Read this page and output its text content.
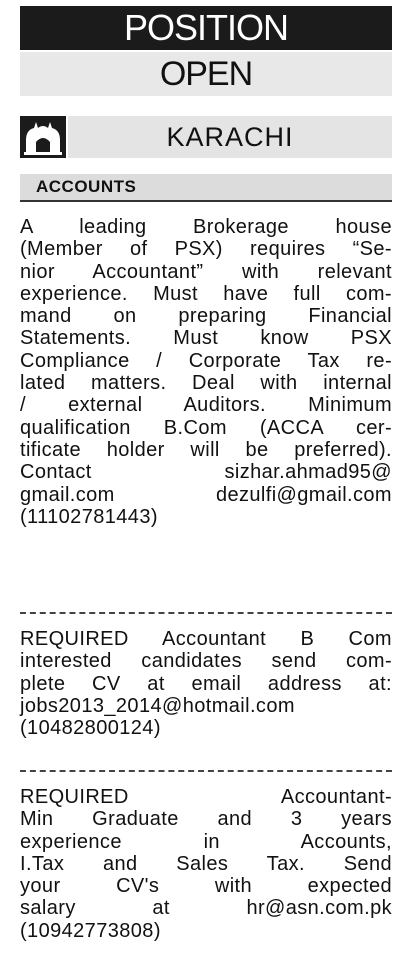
POSITION
OPEN
KARACHI
ACCOUNTS
A leading Brokerage house
(Member of PSX) requires “Se-
nior Accountant” with relevant
experience. Must have full com-
mand on preparing Financial
Statements. Must know PSX
Compliance / Corporate Tax re-
lated matters. Deal with internal
/ external Auditors. Minimum
qualification B.Com (ACCA cer-
tificate holder will be preferred).
Contact sizhar.ahmad95@
gmail.com dezulfi@gmail.com
(11102781443)
REQUIRED Accountant B Com
interested candidates send com-
plete CV at email address at:
jobs2013_2014@hotmail.com
(10482800124)
REQUIRED Accountant-
Min Graduate and 3 years
experience in Accounts,
I.Tax and Sales Tax. Send
your CV's with expected
salary at hr@asn.com.pk
(10942773808)
